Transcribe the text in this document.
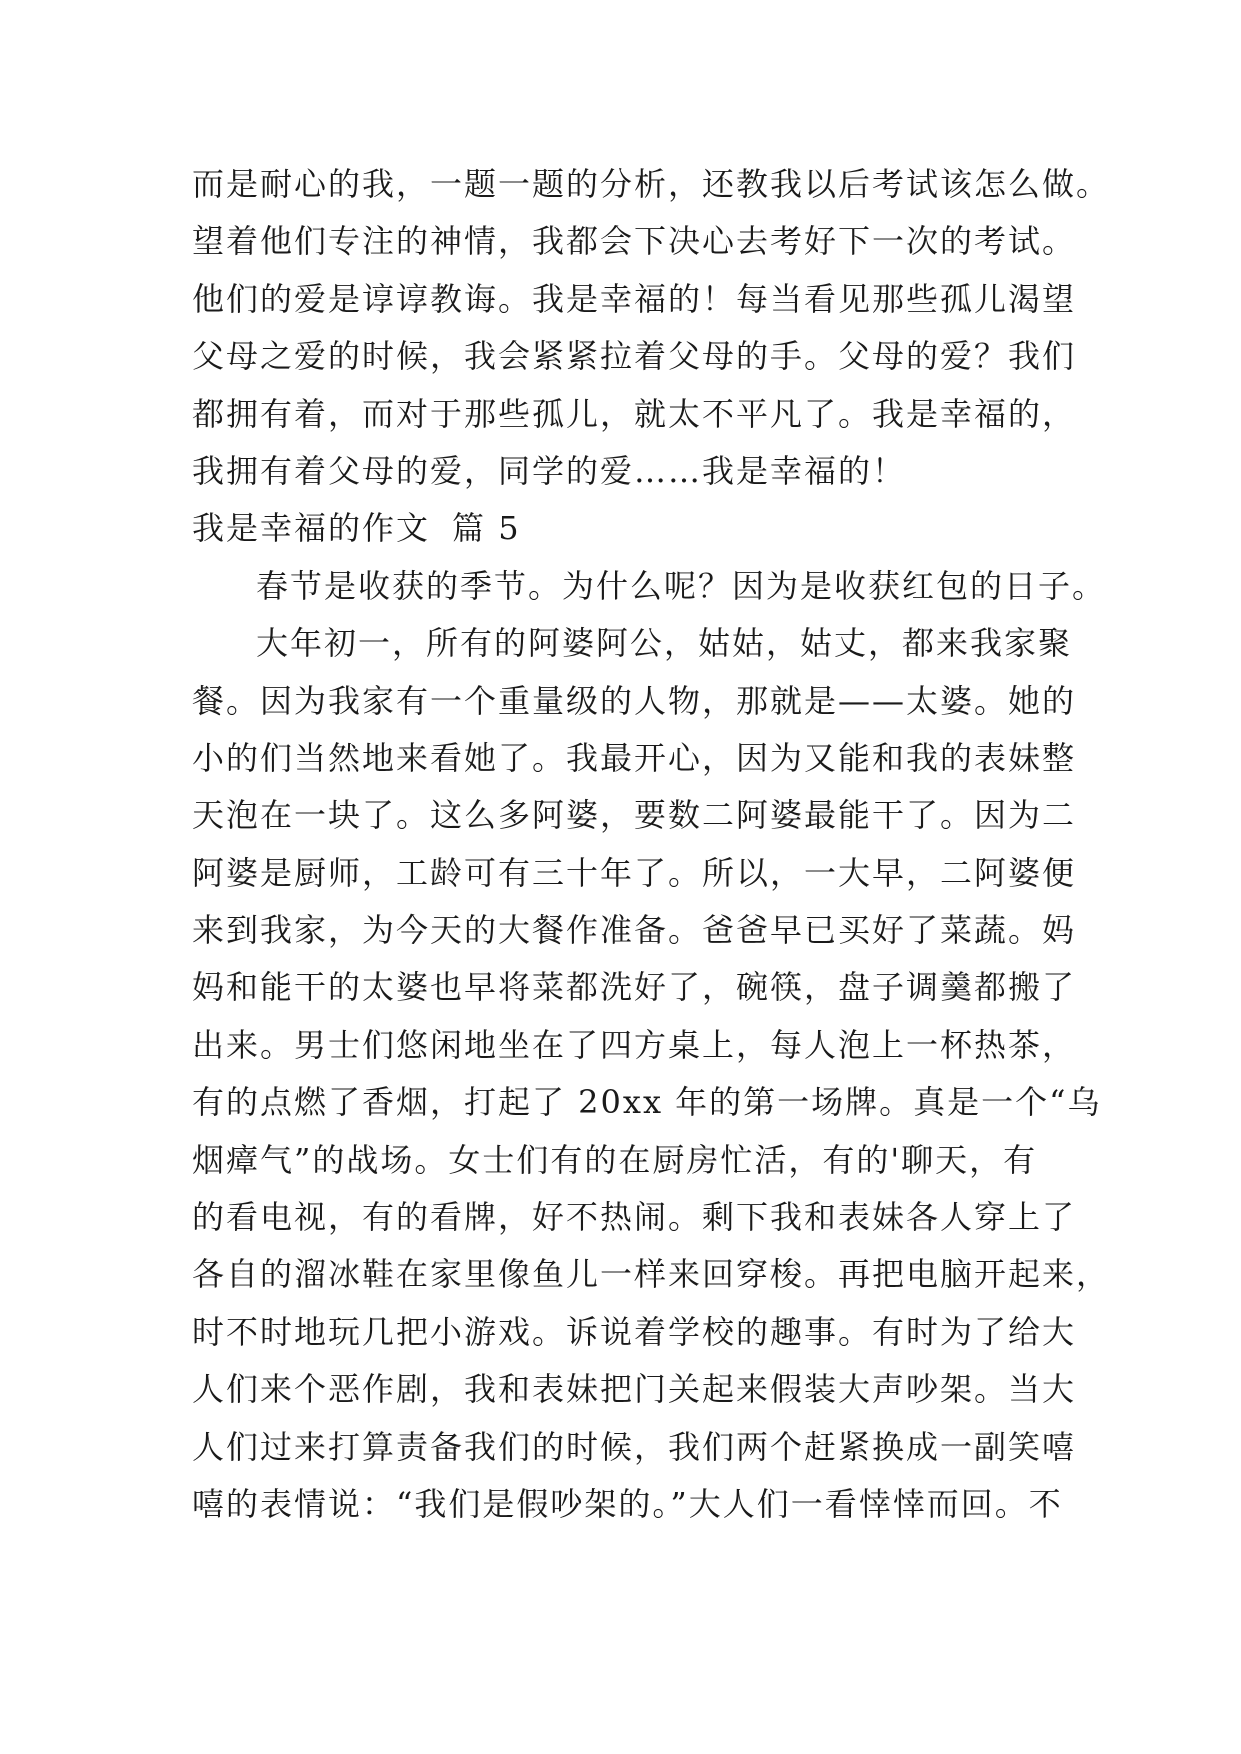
而是耐心的我，一题一题的分析，还教我以后考试该怎么做。
望着他们专注的神情，我都会下决心去考好下一次的考试。
他们的爱是谆谆教诲。我是幸福的！每当看见那些孤儿渴望
父母之爱的时候，我会紧紧拉着父母的手。父母的爱？我们
都拥有着，而对于那些孤儿，就太不平凡了。我是幸福的，
我拥有着父母的爱，同学的爱……我是幸福的！
我是幸福的作文 篇 5
春节是收获的季节。为什么呢？因为是收获红包的日子。
大年初一，所有的阿婆阿公，姑姑，姑丈，都来我家聚
餐。因为我家有一个重量级的人物，那就是——太婆。她的
小的们当然地来看她了。我最开心，因为又能和我的表妹整
天泡在一块了。这么多阿婆，要数二阿婆最能干了。因为二
阿婆是厨师，工龄可有三十年了。所以，一大早，二阿婆便
来到我家，为今天的大餐作准备。爸爸早已买好了菜蔬。妈
妈和能干的太婆也早将菜都洗好了，碗筷，盘子调羹都搬了
出来。男士们悠闲地坐在了四方桌上，每人泡上一杯热茶，
有的点燃了香烟，打起了 20xx 年的第一场牌。真是一个“乌
烟瘴气”的战场。女士们有的在厨房忙活，有的'聊天，有
的看电视，有的看牌，好不热闹。剩下我和表妹各人穿上了
各自的溜冰鞋在家里像鱼儿一样来回穿梭。再把电脑开起来，
时不时地玩几把小游戏。诉说着学校的趣事。有时为了给大
人们来个恶作剧，我和表妹把门关起来假装大声吵架。当大
人们过来打算责备我们的时候，我们两个赶紧换成一副笑嘻
嘻的表情说：“我们是假吵架的。”大人们一看悻悻而回。不
